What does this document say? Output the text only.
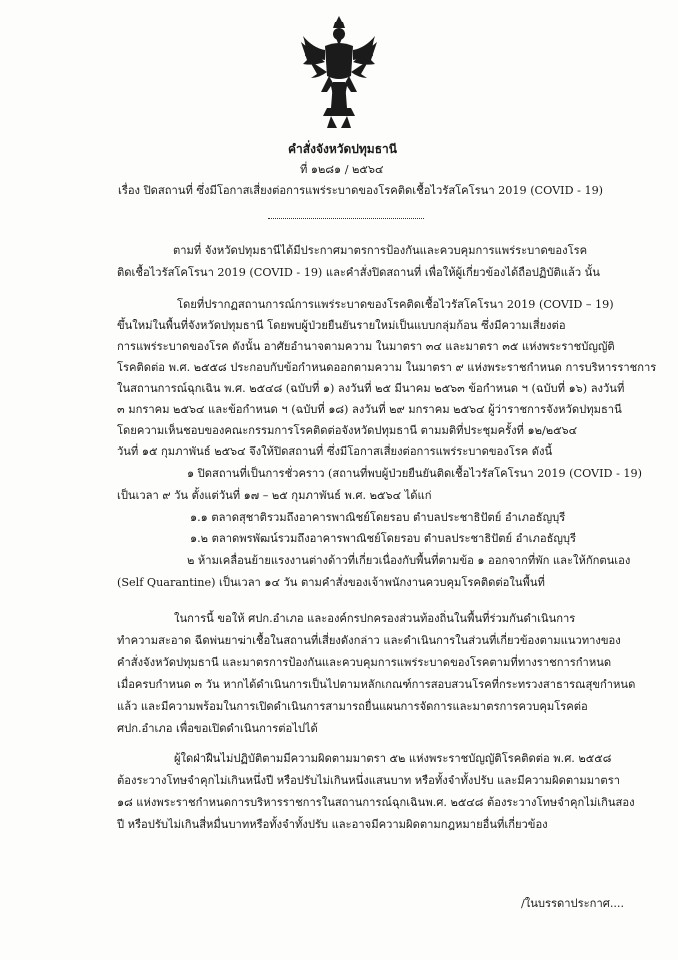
คำสั่งจังหวัดปทุมธานี
ที่ ๑๒๘๑ / ๒๕๖๔
เรื่อง ปิดสถานที่ ซึ่งมีโอกาสเสี่ยงต่อการแพร่ระบาดของโรคติดเชื้อไวรัสโคโรนา 2019 (COVID - 19)
ตามที่ จังหวัดปทุมธานีได้มีประกาศมาตรการป้องกันและควบคุมการแพร่ระบาดของโรค
ติดเชื้อไวรัสโคโรนา 2019 (COVID - 19) และคำสั่งปิดสถานที่ เพื่อให้ผู้เกี่ยวข้องได้ถือปฏิบัติแล้ว นั้น
โดยที่ปรากฏสถานการณ์การแพร่ระบาดของโรคติดเชื้อไวรัสโคโรนา 2019 (COVID – 19)
ขึ้นใหม่ในพื้นที่จังหวัดปทุมธานี โดยพบผู้ป่วยยืนยันรายใหม่เป็นแบบกลุ่มก้อน ซึ่งมีความเสี่ยงต่อ
การแพร่ระบาดของโรค ดังนั้น อาศัยอำนาจตามความ ในมาตรา ๓๔ และมาตรา ๓๕ แห่งพระราชบัญญัติ
โรคติดต่อ พ.ศ. ๒๕๕๘ ประกอบกับข้อกำหนดออกตามความ ในมาตรา ๙ แห่งพระราชกำหนด การบริหารราชการ
ในสถานการณ์ฉุกเฉิน พ.ศ. ๒๕๔๘ (ฉบับที่ ๑) ลงวันที่ ๒๕ มีนาคม ๒๕๖๓ ข้อกำหนด ฯ (ฉบับที่ ๑๖) ลงวันที่
๓ มกราคม ๒๕๖๔ และข้อกำหนด ฯ (ฉบับที่ ๑๘) ลงวันที่ ๒๙ มกราคม ๒๕๖๔ ผู้ว่าราชการจังหวัดปทุมธานี
โดยความเห็นชอบของคณะกรรมการโรคติดต่อจังหวัดปทุมธานี ตามมติที่ประชุมครั้งที่ ๑๒/๒๕๖๔
วันที่ ๑๕ กุมภาพันธ์ ๒๕๖๔ จึงให้ปิดสถานที่ ซึ่งมีโอกาสเสี่ยงต่อการแพร่ระบาดของโรค ดังนี้
๑ ปิดสถานที่เป็นการชั่วคราว (สถานที่พบผู้ป่วยยืนยันติดเชื้อไวรัสโคโรนา 2019 (COVID - 19)
เป็นเวลา ๙ วัน ตั้งแต่วันที่ ๑๗ – ๒๕ กุมภาพันธ์ พ.ศ. ๒๕๖๔ ได้แก่
๑.๑ ตลาดสุชาติรวมถึงอาคารพาณิชย์โดยรอบ ตำบลประชาธิปัตย์ อำเภอธัญบุรี
๑.๒ ตลาดพรพัฒน์รวมถึงอาคารพาณิชย์โดยรอบ ตำบลประชาธิปัตย์ อำเภอธัญบุรี
๒ ห้ามเคลื่อนย้ายแรงงานต่างด้าวที่เกี่ยวเนื่องกับพื้นที่ตามข้อ ๑ ออกจากที่พัก และให้กักตนเอง
(Self Quarantine) เป็นเวลา ๑๔ วัน ตามคำสั่งของเจ้าพนักงานควบคุมโรคติดต่อในพื้นที่
ในการนี้ ขอให้ ศปก.อำเภอ และองค์กรปกครองส่วนท้องถิ่นในพื้นที่ร่วมกันดำเนินการ
ทำความสะอาด ฉีดพ่นยาฆ่าเชื้อในสถานที่เสี่ยงดังกล่าว และดำเนินการในส่วนที่เกี่ยวข้องตามแนวทางของ
คำสั่งจังหวัดปทุมธานี และมาตรการป้องกันและควบคุมการแพร่ระบาดของโรคตามที่ทางราชการกำหนด
เมื่อครบกำหนด ๓ วัน หากได้ดำเนินการเป็นไปตามหลักเกณฑ์การสอบสวนโรคที่กระทรวงสาธารณสุขกำหนด
แล้ว และมีความพร้อมในการเปิดดำเนินการสามารถยื่นแผนการจัดการและมาตรการควบคุมโรคต่อ
ศปก.อำเภอ เพื่อขอเปิดดำเนินการต่อไปได้
ผู้ใดฝ่าฝืนไม่ปฏิบัติตามมีความผิดตามมาตรา ๕๒ แห่งพระราชบัญญัติโรคติดต่อ พ.ศ. ๒๕๕๘
ต้องระวางโทษจำคุกไม่เกินหนึ่งปี หรือปรับไม่เกินหนึ่งแสนบาท หรือทั้งจำทั้งปรับ และมีความผิดตามมาตรา
๑๘ แห่งพระราชกำหนดการบริหารราชการในสถานการณ์ฉุกเฉินพ.ศ. ๒๕๔๘ ต้องระวางโทษจำคุกไม่เกินสอง
ปี หรือปรับไม่เกินสี่หมื่นบาทหรือทั้งจำทั้งปรับ และอาจมีความผิดตามกฎหมายอื่นที่เกี่ยวข้อง
/ในบรรดาประกาศ....
